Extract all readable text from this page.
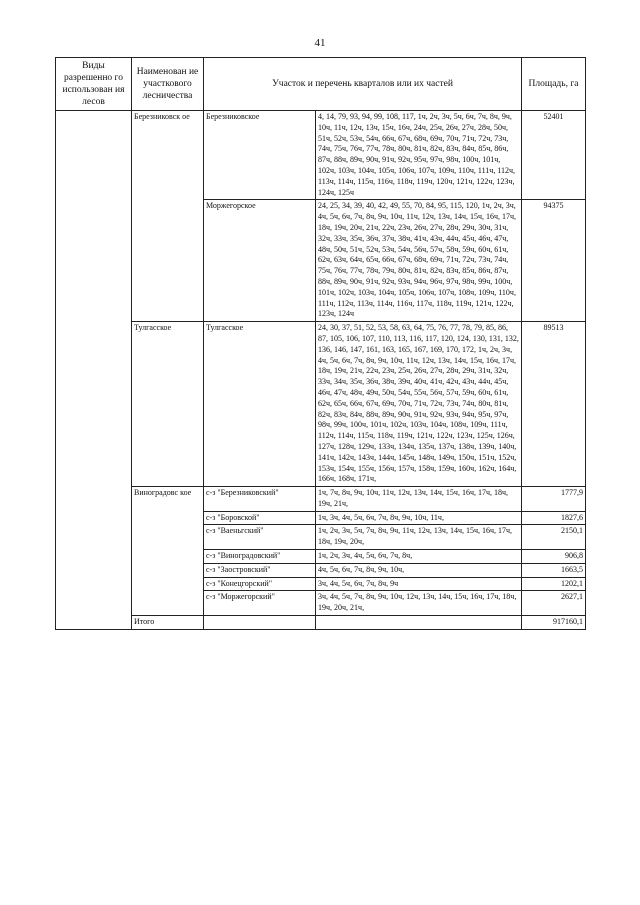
41
Виды разрешенно го использован ия лесов	Наименован ие участкового лесничества	Участок и перечень кварталов или их частей		Площадь, га
	Березниковск ое	Березниковское	4, 14, 79, 93, 94, 99, 108, 117, 1ч, 2ч, 3ч, 5ч, 6ч, 7ч, 8ч, 9ч, 10ч, 11ч, 12ч, 13ч, 15ч, 16ч, 24ч, 25ч, 26ч, 27ч, 28ч, 50ч, 51ч, 52ч, 53ч, 54ч, 66ч, 67ч, 68ч, 69ч, 70ч, 71ч, 72ч, 73ч, 74ч, 75ч, 76ч, 77ч, 78ч, 80ч, 81ч, 82ч, 83ч, 84ч, 85ч, 86ч, 87ч, 88ч, 89ч, 90ч, 91ч, 92ч, 95ч, 97ч, 98ч, 100ч, 101ч, 102ч, 103ч, 104ч, 105ч, 106ч, 107ч, 109ч, 110ч, 111ч, 112ч, 113ч, 114ч, 115ч, 116ч, 118ч, 119ч, 120ч, 121ч, 122ч, 123ч, 124ч, 125ч	52401
		Моржегорское	24, 25, 34, 39, 40, 42, 49, 55, 70, 84, 95, 115, 120, 1ч, 2ч, 3ч, 4ч, 5ч, 6ч, 7ч, 8ч, 9ч, 10ч, 11ч, 12ч, 13ч, 14ч, 15ч, 16ч, 17ч, 18ч, 19ч, 20ч, 21ч, 22ч, 23ч, 26ч, 27ч, 28ч, 29ч, 30ч, 31ч, 32ч, 33ч, 35ч, 36ч, 37ч, 38ч, 41ч, 43ч, 44ч, 45ч, 46ч, 47ч, 48ч, 50ч, 51ч, 52ч, 53ч, 54ч, 56ч, 57ч, 58ч, 59ч, 60ч, 61ч, 62ч, 63ч, 64ч, 65ч, 66ч, 67ч, 68ч, 69ч, 71ч, 72ч, 73ч, 74ч, 75ч, 76ч, 77ч, 78ч, 79ч, 80ч, 81ч, 82ч, 83ч, 85ч, 86ч, 87ч, 88ч, 89ч, 90ч, 91ч, 92ч, 93ч, 94ч, 96ч, 97ч, 98ч, 99ч, 100ч, 101ч, 102ч, 103ч, 104ч, 105ч, 106ч, 107ч, 108ч, 109ч, 110ч, 111ч, 112ч, 113ч, 114ч, 116ч, 117ч, 118ч, 119ч, 121ч, 122ч, 123ч, 124ч	94375
	Тулгасское	Тулгасское	24, 30, 37, 51, 52, 53, 58, 63, 64, 75, 76, 77, 78, 79, 85, 86, 87, 105, 106, 107, 110, 113, 116, 117, 120, 124, 130, 131, 132, 136, 146, 147, 161, 163, 165, 167, 169, 170, 172, 1ч, 2ч, 3ч, 4ч, 5ч, 6ч, 7ч, 8ч, 9ч, 10ч, 11ч, 12ч, 13ч, 14ч, 15ч, 16ч, 17ч, 18ч, 19ч, 21ч, 22ч, 23ч, 25ч, 26ч, 27ч, 28ч, 29ч, 31ч, 32ч, 33ч, 34ч, 35ч, 36ч, 38ч, 39ч, 40ч, 41ч, 42ч, 43ч, 44ч, 45ч, 46ч, 47ч, 48ч, 49ч, 50ч, 54ч, 55ч, 56ч, 57ч, 59ч, 60ч, 61ч, 62ч, 65ч, 66ч, 67ч, 69ч, 70ч, 71ч, 72ч, 73ч, 74ч, 80ч, 81ч, 82ч, 83ч, 84ч, 88ч, 89ч, 90ч, 91ч, 92ч, 93ч, 94ч, 95ч, 97ч, 98ч, 99ч, 100ч, 101ч, 102ч, 103ч, 104ч, 108ч, 109ч, 111ч, 112ч, 114ч, 115ч, 118ч, 119ч, 121ч, 122ч, 123ч, 125ч, 126ч, 127ч, 128ч, 129ч, 133ч, 134ч, 135ч, 137ч, 138ч, 139ч, 140ч, 141ч, 142ч, 143ч, 144ч, 145ч, 148ч, 149ч, 150ч, 151ч, 152ч, 153ч, 154ч, 155ч, 156ч, 157ч, 158ч, 159ч, 160ч, 162ч, 164ч, 166ч, 168ч, 171ч,	89513
	Виноградовс кое	с-з "Березниковский"	1ч, 7ч, 8ч, 9ч, 10ч, 11ч, 12ч, 13ч, 14ч, 15ч, 16ч, 17ч, 18ч, 19ч, 21ч,	1777,9
		с-з "Боровской"	1ч, 3ч, 4ч, 5ч, 6ч, 7ч, 8ч, 9ч, 10ч, 11ч,	1827,6
		с-з "Ваеньгский"	1ч, 2ч, 3ч, 5ч, 7ч, 8ч, 9ч, 11ч, 12ч, 13ч, 14ч, 15ч, 16ч, 17ч, 18ч, 19ч, 20ч,	2150,1
		с-з "Виноградовский"	1ч, 2ч, 3ч, 4ч, 5ч, 6ч, 7ч, 8ч,	906,8
		с-з "Заостровский"	4ч, 5ч, 6ч, 7ч, 8ч, 9ч, 10ч,	1663,5
		с-з "Конецгорский"	3ч, 4ч, 5ч, 6ч, 7ч, 8ч, 9ч	1202,1
		с-з "Моржегорский"	3ч, 4ч, 5ч, 7ч, 8ч, 9ч, 10ч, 12ч, 13ч, 14ч, 15ч, 16ч, 17ч, 18ч, 19ч, 20ч, 21ч,	2627,1
	Итого			917160,1
